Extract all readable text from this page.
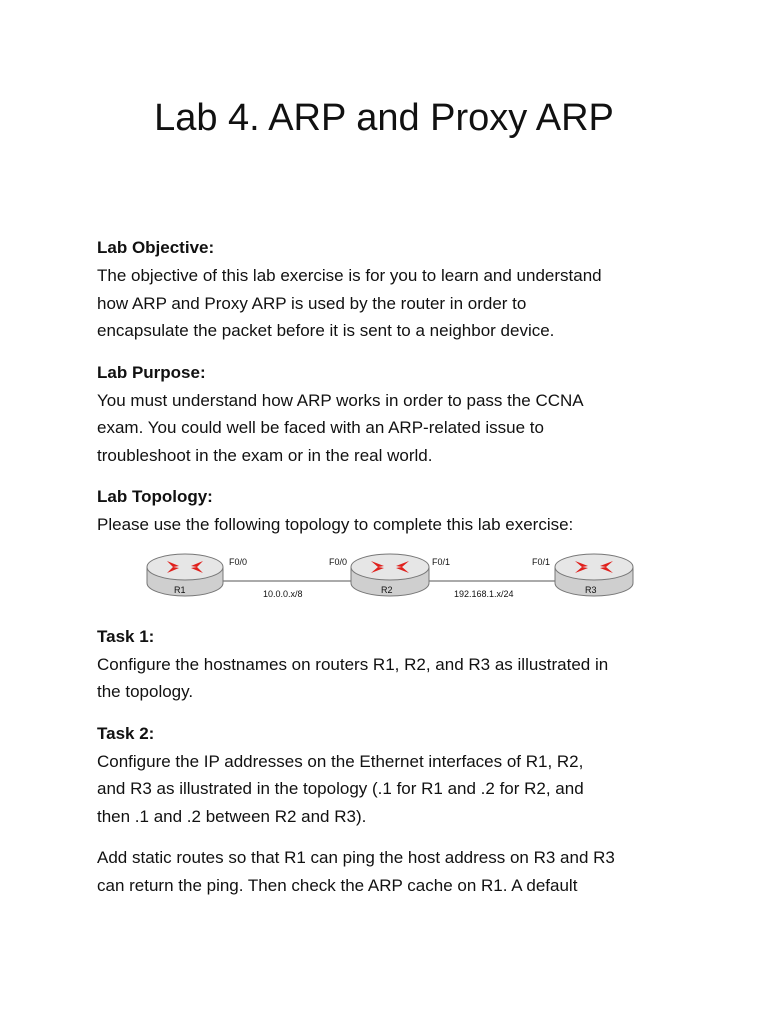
Lab 4. ARP and Proxy ARP

Lab Objective:

The objective of this lab exercise is for you to learn and understand

how ARP and Proxy ARP is used by the router in order to

encapsulate the packet before it is sent to a neighbor device.

Lab Purpose:

You must understand how ARP works in order to pass the CCNA

exam. You could well be faced with an ARP-related issue to

troubleshoot in the exam or in the real world.

Lab Topology:

Please use the following topology to complete this lab exercise:

R1	R2	R3
F0/0	F0/0	F0/1	F0/1
10.0.0.x/8	192.168.1.x/24

Task 1:

Configure the hostnames on routers R1, R2, and R3 as illustrated in

the topology.

Task 2:

Configure the IP addresses on the Ethernet interfaces of R1, R2,

and R3 as illustrated in the topology (.1 for R1 and .2 for R2, and

then .1 and .2 between R2 and R3).

Add static routes so that R1 can ping the host address on R3 and R3

can return the ping. Then check the ARP cache on R1. A default
